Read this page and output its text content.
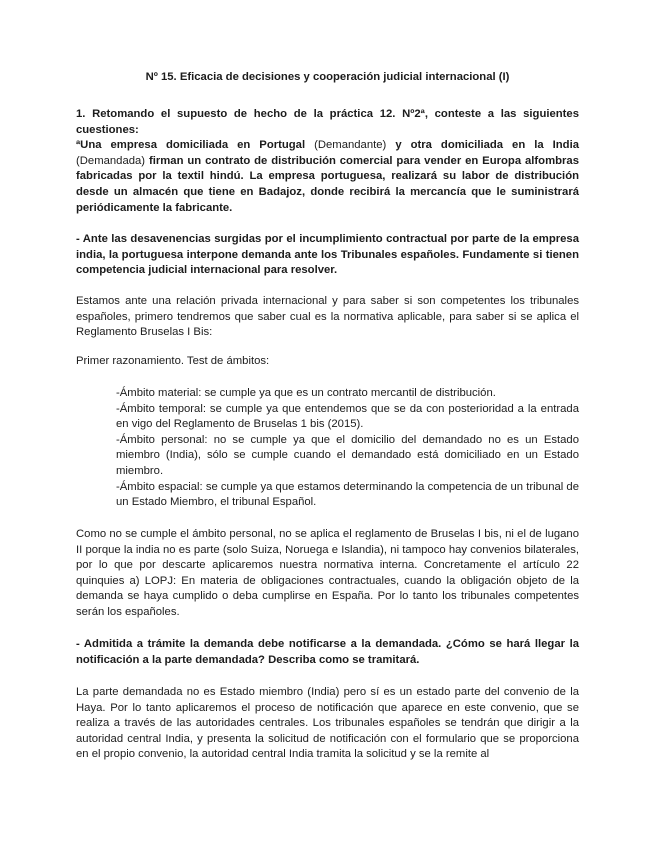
Nº 15. Eficacia de decisiones y cooperación judicial internacional (I)

1. Retomando el supuesto de hecho de la práctica 12. Nº2ª, conteste a las siguientes cuestiones:

ªUna empresa domiciliada en Portugal (Demandante) y otra domiciliada en la India (Demandada) firman un contrato de distribución comercial para vender en Europa alfombras fabricadas por la textil hindú. La empresa portuguesa, realizará su labor de distribución desde un almacén que tiene en Badajoz, donde recibirá la mercancía que le suministrará periódicamente la fabricante.

- Ante las desavenencias surgidas por el incumplimiento contractual por parte de la empresa india, la portuguesa interpone demanda ante los Tribunales españoles. Fundamente si tienen competencia judicial internacional para resolver.
Estamos ante una relación privada internacional y para saber si son competentes los tribunales españoles, primero tendremos que saber cual es la normativa aplicable, para saber si se aplica el Reglamento Bruselas I Bis:
Primer razonamiento. Test de ámbitos:

-Ámbito material: se cumple ya que es un contrato mercantil de distribución.

-Ámbito temporal: se cumple ya que entendemos que se da con posterioridad a la entrada en vigo del Reglamento de Bruselas 1 bis (2015).

-Ámbito personal: no se cumple ya que el domicilio del demandado no es un Estado miembro (India), sólo se cumple cuando el demandado está domiciliado en un Estado miembro.

-Ámbito espacial: se cumple ya que estamos determinando la competencia de un tribunal de un Estado Miembro, el tribunal Español.

Como no se cumple el ámbito personal, no se aplica el reglamento de Bruselas I bis, ni el de lugano II porque la india no es parte (solo Suiza, Noruega e Islandia), ni tampoco hay convenios bilaterales, por lo que por descarte aplicaremos nuestra normativa interna. Concretamente el artículo 22 quinquies a) LOPJ: En materia de obligaciones contractuales, cuando la obligación objeto de la demanda se haya cumplido o deba cumplirse en España. Por lo tanto los tribunales competentes serán los españoles.
- Admitida a trámite la demanda debe notificarse a la demandada. ¿Cómo se hará llegar la notificación a la parte demandada? Describa como se tramitará.
La parte demandada no es Estado miembro (India) pero sí es un estado parte del convenio de la Haya. Por lo tanto aplicaremos el proceso de notificación que aparece en este convenio, que se realiza a través de las autoridades centrales. Los tribunales españoles se tendrán que dirigir a la autoridad central India, y presenta la solicitud de notificación con el formulario que se proporciona en el propio convenio, la autoridad central India tramita la solicitud y se la remite al
